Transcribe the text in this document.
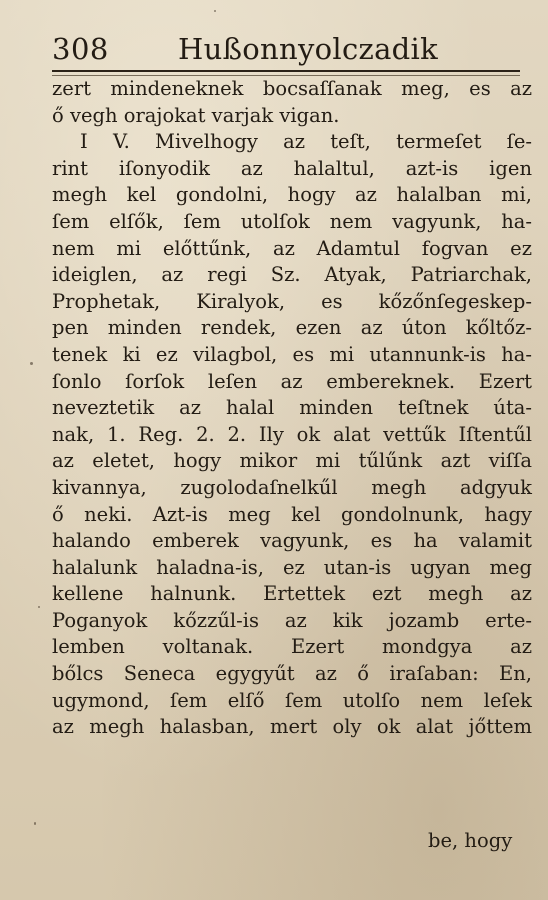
308 Hußonnyolczadik
zert mindeneknek bocsaſſanak meg, es az
ő vegh orajokat varjak vigan.
I V. Mivelhogy az teſt, termeſet ſe-
rint iſonyodik az halaltul, azt-is igen
megh kel gondolni, hogy az halalban mi,
ſem elſők, ſem utolſok nem vagyunk, ha-
nem mi előttűnk, az Adamtul fogvan ez
ideiglen, az regi Sz. Atyak, Patriarchak,
Prophetak, Kiralyok, es kőzőnſegeskep-
pen minden rendek, ezen az úton kőltőz-
tenek ki ez vilagbol, es mi utannunk-is ha-
ſonlo ſorſok leſen az embereknek. Ezert
neveztetik az halal minden teſtnek úta-
nak, 1. Reg. 2. 2. Ily ok alat vettűk Iſtentűl
az eletet, hogy mikor mi tűlűnk azt viſſa
kivannya, zugolodaſnelkűl megh adgyuk
ő neki. Azt-is meg kel gondolnunk, hagy
halando emberek vagyunk, es ha valamit
halalunk haladna-is, ez utan-is ugyan meg
kellene halnunk. Ertettek ezt megh az
Poganyok kőzzűl-is az kik jozamb erte-
lemben voltanak. Ezert mondgya az
bőlcs Seneca egygyűt az ő iraſaban: En,
ugymond, ſem elſő ſem utolſo nem leſek
az megh halasban, mert oly ok alat jőttem
be, hogy
